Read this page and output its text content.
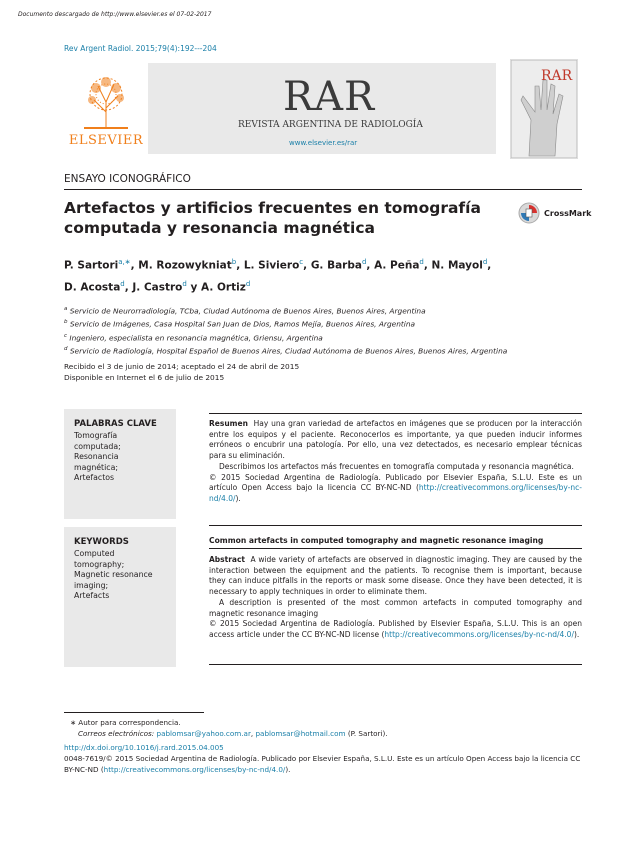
Documento descargado de http://www.elsevier.es el 07-02-2017
Rev Argent Radiol. 2015;79(4):192---204
ELSEVIER
RAR
REVISTA ARGENTINA DE RADIOLOGÍA
www.elsevier.es/rar
RAR
ENSAYO ICONOGRÁFICO
Artefactos y artificios frecuentes en tomografía
computada y resonancia magnética
CrossMark
P. Sartori$^{a,∗}$, M. Rozowykniat$^b$, L. Siviero$^c$, G. Barba$^d$, A. Peña$^d$, N. Mayol$^d$,
D. Acosta$^d$, J. Castro$^d$ y A. Ortiz$^d$
$^a$ Servicio de Neurorradiología, TCba, Ciudad Autónoma de Buenos Aires, Buenos Aires, Argentina
$^b$ Servicio de Imágenes, Casa Hospital San Juan de Dios, Ramos Mejía, Buenos Aires, Argentina
$^c$ Ingeniero, especialista en resonancia magnética, Griensu, Argentina
$^d$ Servicio de Radiología, Hospital Español de Buenos Aires, Ciudad Autónoma de Buenos Aires, Buenos Aires, Argentina
Recibido el 3 de junio de 2014; aceptado el 24 de abril de 2015
Disponible en Internet el 6 de julio de 2015
PALABRAS CLAVE
Tomografía
computada;
Resonancia
magnética;
Artefactos
KEYWORDS
Computed
tomography;
Magnetic resonance
imaging;
Artefacts

Resumen Hay una gran variedad de artefactos en imágenes que se producen por la interacción entre los equipos y el paciente. Reconocerlos es importante, ya que pueden inducir informes erróneos o encubrir una patología. Por ello, una vez detectados, es necesario emplear técnicas para su eliminación.

Describimos los artefactos más frecuentes en tomografía computada y resonancia magnética.

© 2015 Sociedad Argentina de Radiología. Publicado por Elsevier España, S.L.U. Este es un artículo Open Access bajo la licencia CC BY-NC-ND (http://creativecommons.org/licenses/by-nc-nd/4.0/).

Common artefacts in computed tomography and magnetic resonance imaging

Abstract A wide variety of artefacts are observed in diagnostic imaging. They are caused by the interaction between the equipment and the patients. To recognise them is important, because they can induce pitfalls in the reports or mask some disease. Once they have been detected, it is necessary to apply techniques in order to eliminate them.

A description is presented of the most common artefacts in computed tomography and magnetic resonance imaging

© 2015 Sociedad Argentina de Radiología. Published by Elsevier España, S.L.U. This is an open access article under the CC BY-NC-ND license (http://creativecommons.org/licenses/by-nc-nd/4.0/).

∗ Autor para correspondencia.
Correos electrónicos: pablomsar@yahoo.com.ar, pablomsar@hotmail.com (P. Sartori).
http://dx.doi.org/10.1016/j.rard.2015.04.005
0048-7619/© 2015 Sociedad Argentina de Radiología. Publicado por Elsevier España, S.L.U. Este es un artículo Open Access bajo la licencia CC BY-NC-ND (http://creativecommons.org/licenses/by-nc-nd/4.0/).
